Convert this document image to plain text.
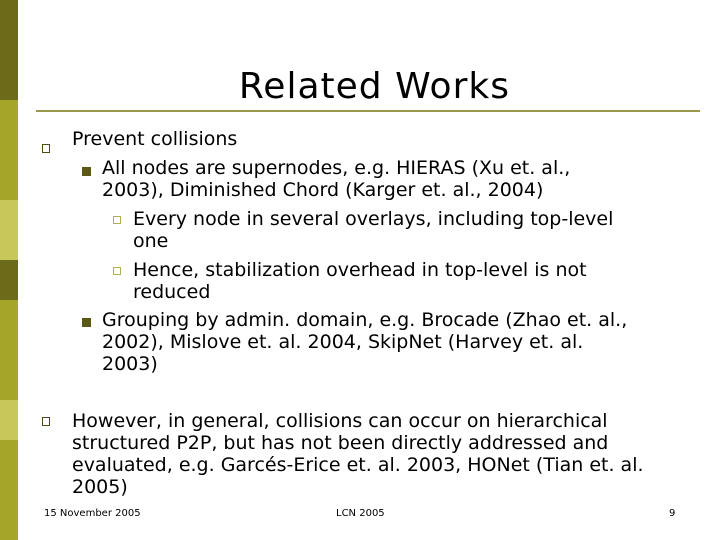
Related Works
Prevent collisions
All nodes are supernodes, e.g. HIERAS (Xu et. al.,
2003), Diminished Chord (Karger et. al., 2004)
Every node in several overlays, including top-level
one
Hence, stabilization overhead in top-level is not
reduced
Grouping by admin. domain, e.g. Brocade (Zhao et. al.,
2002), Mislove et. al. 2004, SkipNet (Harvey et. al.
2003)
However, in general, collisions can occur on hierarchical
structured P2P, but has not been directly addressed and
evaluated, e.g. Garcés-Erice et. al. 2003, HONet (Tian et. al.
2005)
15 November 2005	LCN 2005	9
